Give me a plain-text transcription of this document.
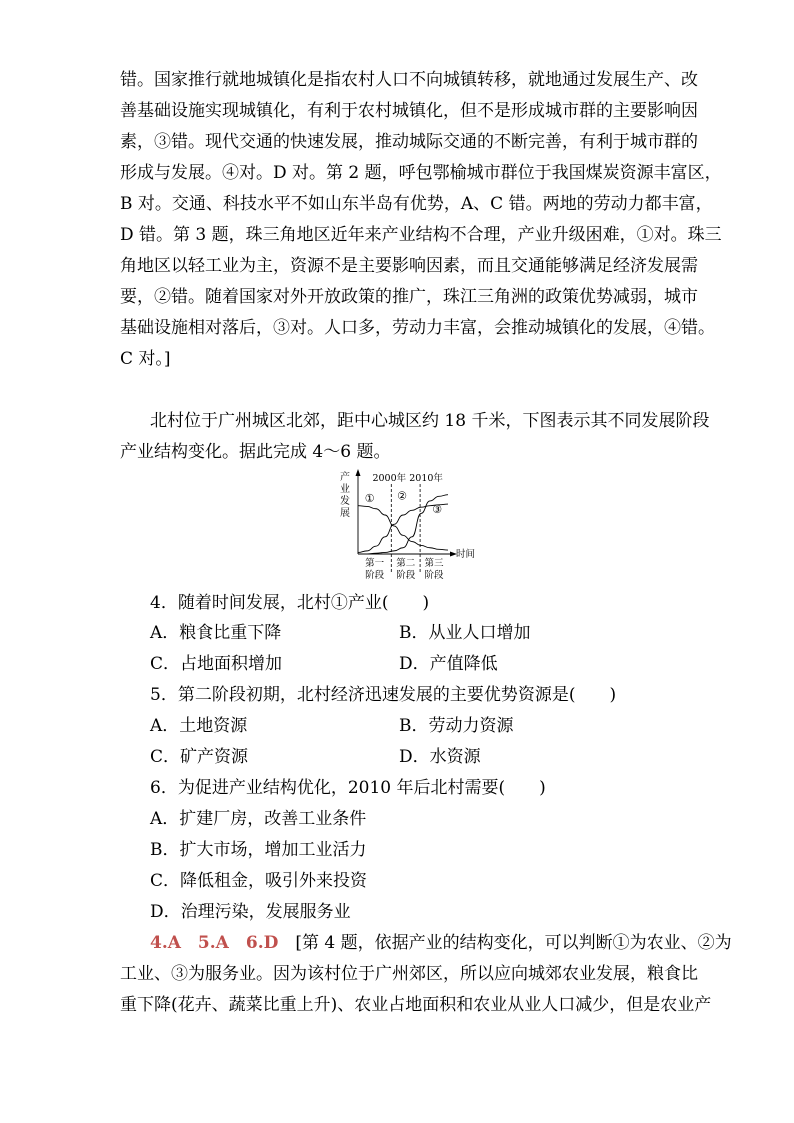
错。国家推行就地城镇化是指农村人口不向城镇转移，就地通过发展生产、改
善基础设施实现城镇化，有利于农村城镇化，但不是形成城市群的主要影响因
素，③错。现代交通的快速发展，推动城际交通的不断完善，有利于城市群的
形成与发展。④对。D 对。第 2 题，呼包鄂榆城市群位于我国煤炭资源丰富区，
B 对。交通、科技水平不如山东半岛有优势，A、C 错。两地的劳动力都丰富，
D 错。第 3 题，珠三角地区近年来产业结构不合理，产业升级困难，①对。珠三
角地区以轻工业为主，资源不是主要影响因素，而且交通能够满足经济发展需
要，②错。随着国家对外开放政策的推广，珠江三角洲的政策优势减弱，城市
基础设施相对落后，③对。人口多，劳动力丰富，会推动城镇化的发展，④错。
C 对。]
北村位于广州城区北郊，距中心城区约 18 千米，下图表示其不同发展阶段
产业结构变化。据此完成 4～6 题。
产
业
发
展
时间
2000年 2010年
① ②
③
第一
阶段
第二
阶段
第三
阶段
4．随着时间发展，北村①产业(　　)
A．粮食比重下降	B．从业人口增加
C．占地面积增加	D．产值降低
5．第二阶段初期，北村经济迅速发展的主要优势资源是(　　)
A．土地资源	B．劳动力资源
C．矿产资源	D．水资源
6．为促进产业结构优化，2010 年后北村需要(　　)
A．扩建厂房，改善工业条件
B．扩大市场，增加工业活力
C．降低租金，吸引外来投资
D．治理污染，发展服务业
4.A　5.A　6.D　 [第 4 题，依据产业的结构变化，可以判断①为农业、②为
工业、③为服务业。因为该村位于广州郊区，所以应向城郊农业发展，粮食比
重下降(花卉、蔬菜比重上升)、农业占地面积和农业从业人口减少，但是农业产
